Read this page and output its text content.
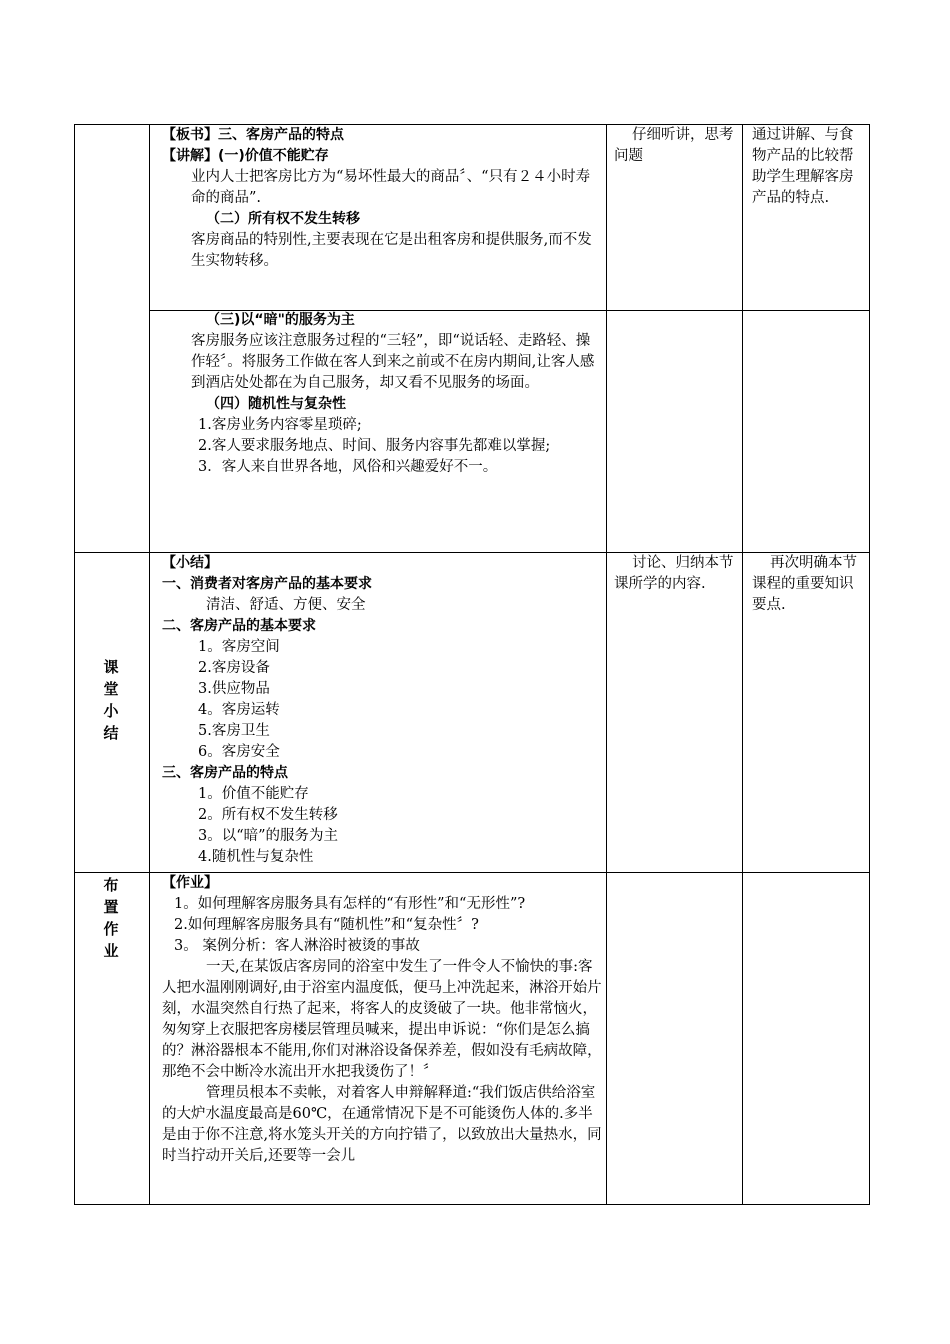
【板书】三、客房产品的特点

【讲解】(一)价值不能贮存

业内人士把客房比方为“易坏性最大的商品〞、“只有２４小时寿命的商品”.

（二）所有权不发生转移

客房商品的特别性,主要表现在它是出租客房和提供服务,而不发生实物转移。

仔细听讲，思考问题
通过讲解、与食物产品的比较帮助学生理解客房产品的特点.

（三)以“暗"的服务为主

客房服务应该注意服务过程的“三轻”，即“说话轻、走路轻、操作轻〞。将服务工作做在客人到来之前或不在房内期间,让客人感到酒店处处都在为自己服务，却又看不见服务的场面。

（四）随机性与复杂性

1.客房业务内容零星琐碎;

2.客人要求服务地点、时间、服务内容事先都难以掌握;

3．客人来自世界各地，风俗和兴趣爱好不一。

课
堂
小
结

【小结】

一、消费者对客房产品的基本要求

清洁、舒适、方便、安全

二、客房产品的基本要求

1。客房空间

2.客房设备

3.供应物品

4。客房运转

5.客房卫生

6。客房安全

三、客房产品的特点

1。价值不能贮存

2。所有权不发生转移

3。以“暗”的服务为主

4.随机性与复杂性

讨论、归纳本节课所学的内容.
再次明确本节课程的重要知识要点.
布
置
作
业

【作业】

1。如何理解客房服务具有怎样的“有形性”和“无形性”?

2.如何理解客房服务具有“随机性”和“复杂性〞?

3。 案例分析：客人淋浴时被烫的事故

一天,在某饭店客房同的浴室中发生了一件令人不愉快的事:客人把水温刚刚调好,由于浴室内温度低，便马上冲洗起来，淋浴开始片刻，水温突然自行热了起来，将客人的皮烫破了一块。他非常恼火，匆匆穿上衣服把客房楼层管理员喊来，提出申诉说：“你们是怎么搞的？淋浴器根本不能用,你们对淋浴设备保养差，假如没有毛病故障，那绝不会中断冷水流出开水把我烫伤了！〞

管理员根本不卖帐，对着客人申辩解释道:“我们饭店供给浴室的大炉水温度最高是60℃，在通常情况下是不可能烫伤人体的.多半是由于你不注意,将水笼头开关的方向拧错了，以致放出大量热水，同时当拧动开关后,还要等一会儿
